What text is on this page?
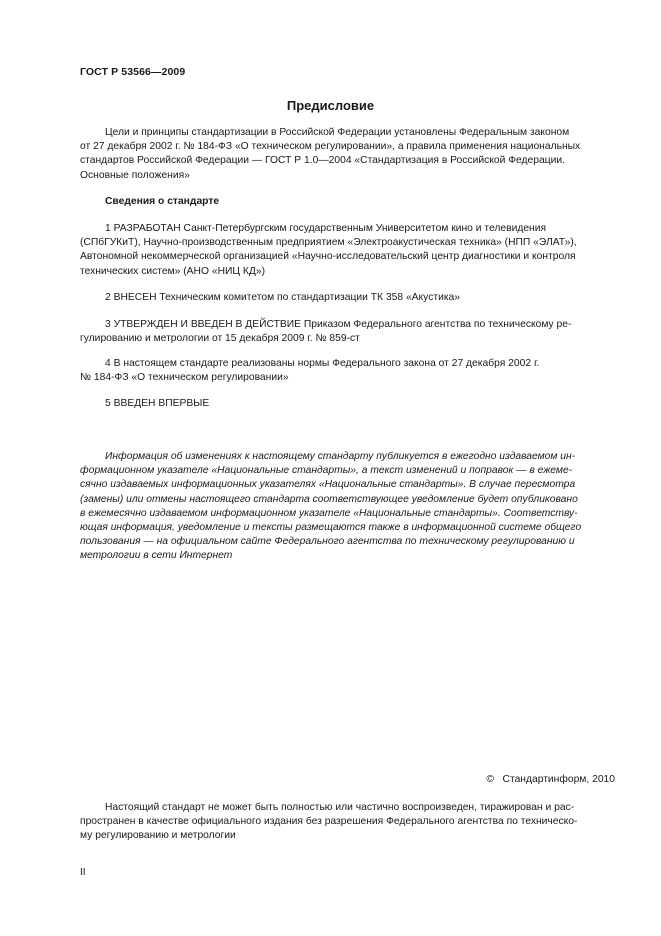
ГОСТ Р 53566—2009
Предисловие
Цели и принципы стандартизации в Российской Федерации установлены Федеральным законом
от 27 декабря 2002 г. № 184-ФЗ «О техническом регулировании», а правила применения национальных
стандартов Российской Федерации — ГОСТ Р 1.0—2004 «Стандартизация в Российской Федерации.
Основные положения»
Сведения о стандарте
1 РАЗРАБОТАН Санкт-Петербургским государственным Университетом кино и телевидения
(СПбГУКиТ), Научно-производственным предприятием «Электроакустическая техника» (НПП «ЭЛАТ»),
Автономной некоммерческой организацией «Научно-исследовательский центр диагностики и контроля
технических систем» (АНО «НИЦ КД»)
2 ВНЕСЕН Техническим комитетом по стандартизации ТК 358 «Акустика»
3 УТВЕРЖДЕН И ВВЕДЕН В ДЕЙСТВИЕ Приказом Федерального агентства по техническому ре-
гулированию и метрологии от 15 декабря 2009 г. № 859-ст
4 В настоящем стандарте реализованы нормы Федерального закона от 27 декабря 2002 г.
№ 184-ФЗ «О техническом регулировании»
5 ВВЕДЕН ВПЕРВЫЕ
Информация об изменениях к настоящему стандарту публикуется в ежегодно издаваемом ин-
формационном указателе «Национальные стандарты», а текст изменений и поправок — в ежеме-
сячно издаваемых информационных указателях «Национальные стандарты». В случае пересмотра
(замены) или отмены настоящего стандарта соответствующее уведомление будет опубликовано
в ежемесячно издаваемом информационном указателе «Национальные стандарты». Соответству-
ющая информация, уведомление и тексты размещаются также в информационной системе общего
пользования — на официальном сайте Федерального агентства по техническому регулированию и
метрологии в сети Интернет
©   Стандартинформ, 2010
Настоящий стандарт не может быть полностью или частично воспроизведен, тиражирован и рас-
пространен в качестве официального издания без разрешения Федерального агентства по техническо-
му регулированию и метрологии
II
